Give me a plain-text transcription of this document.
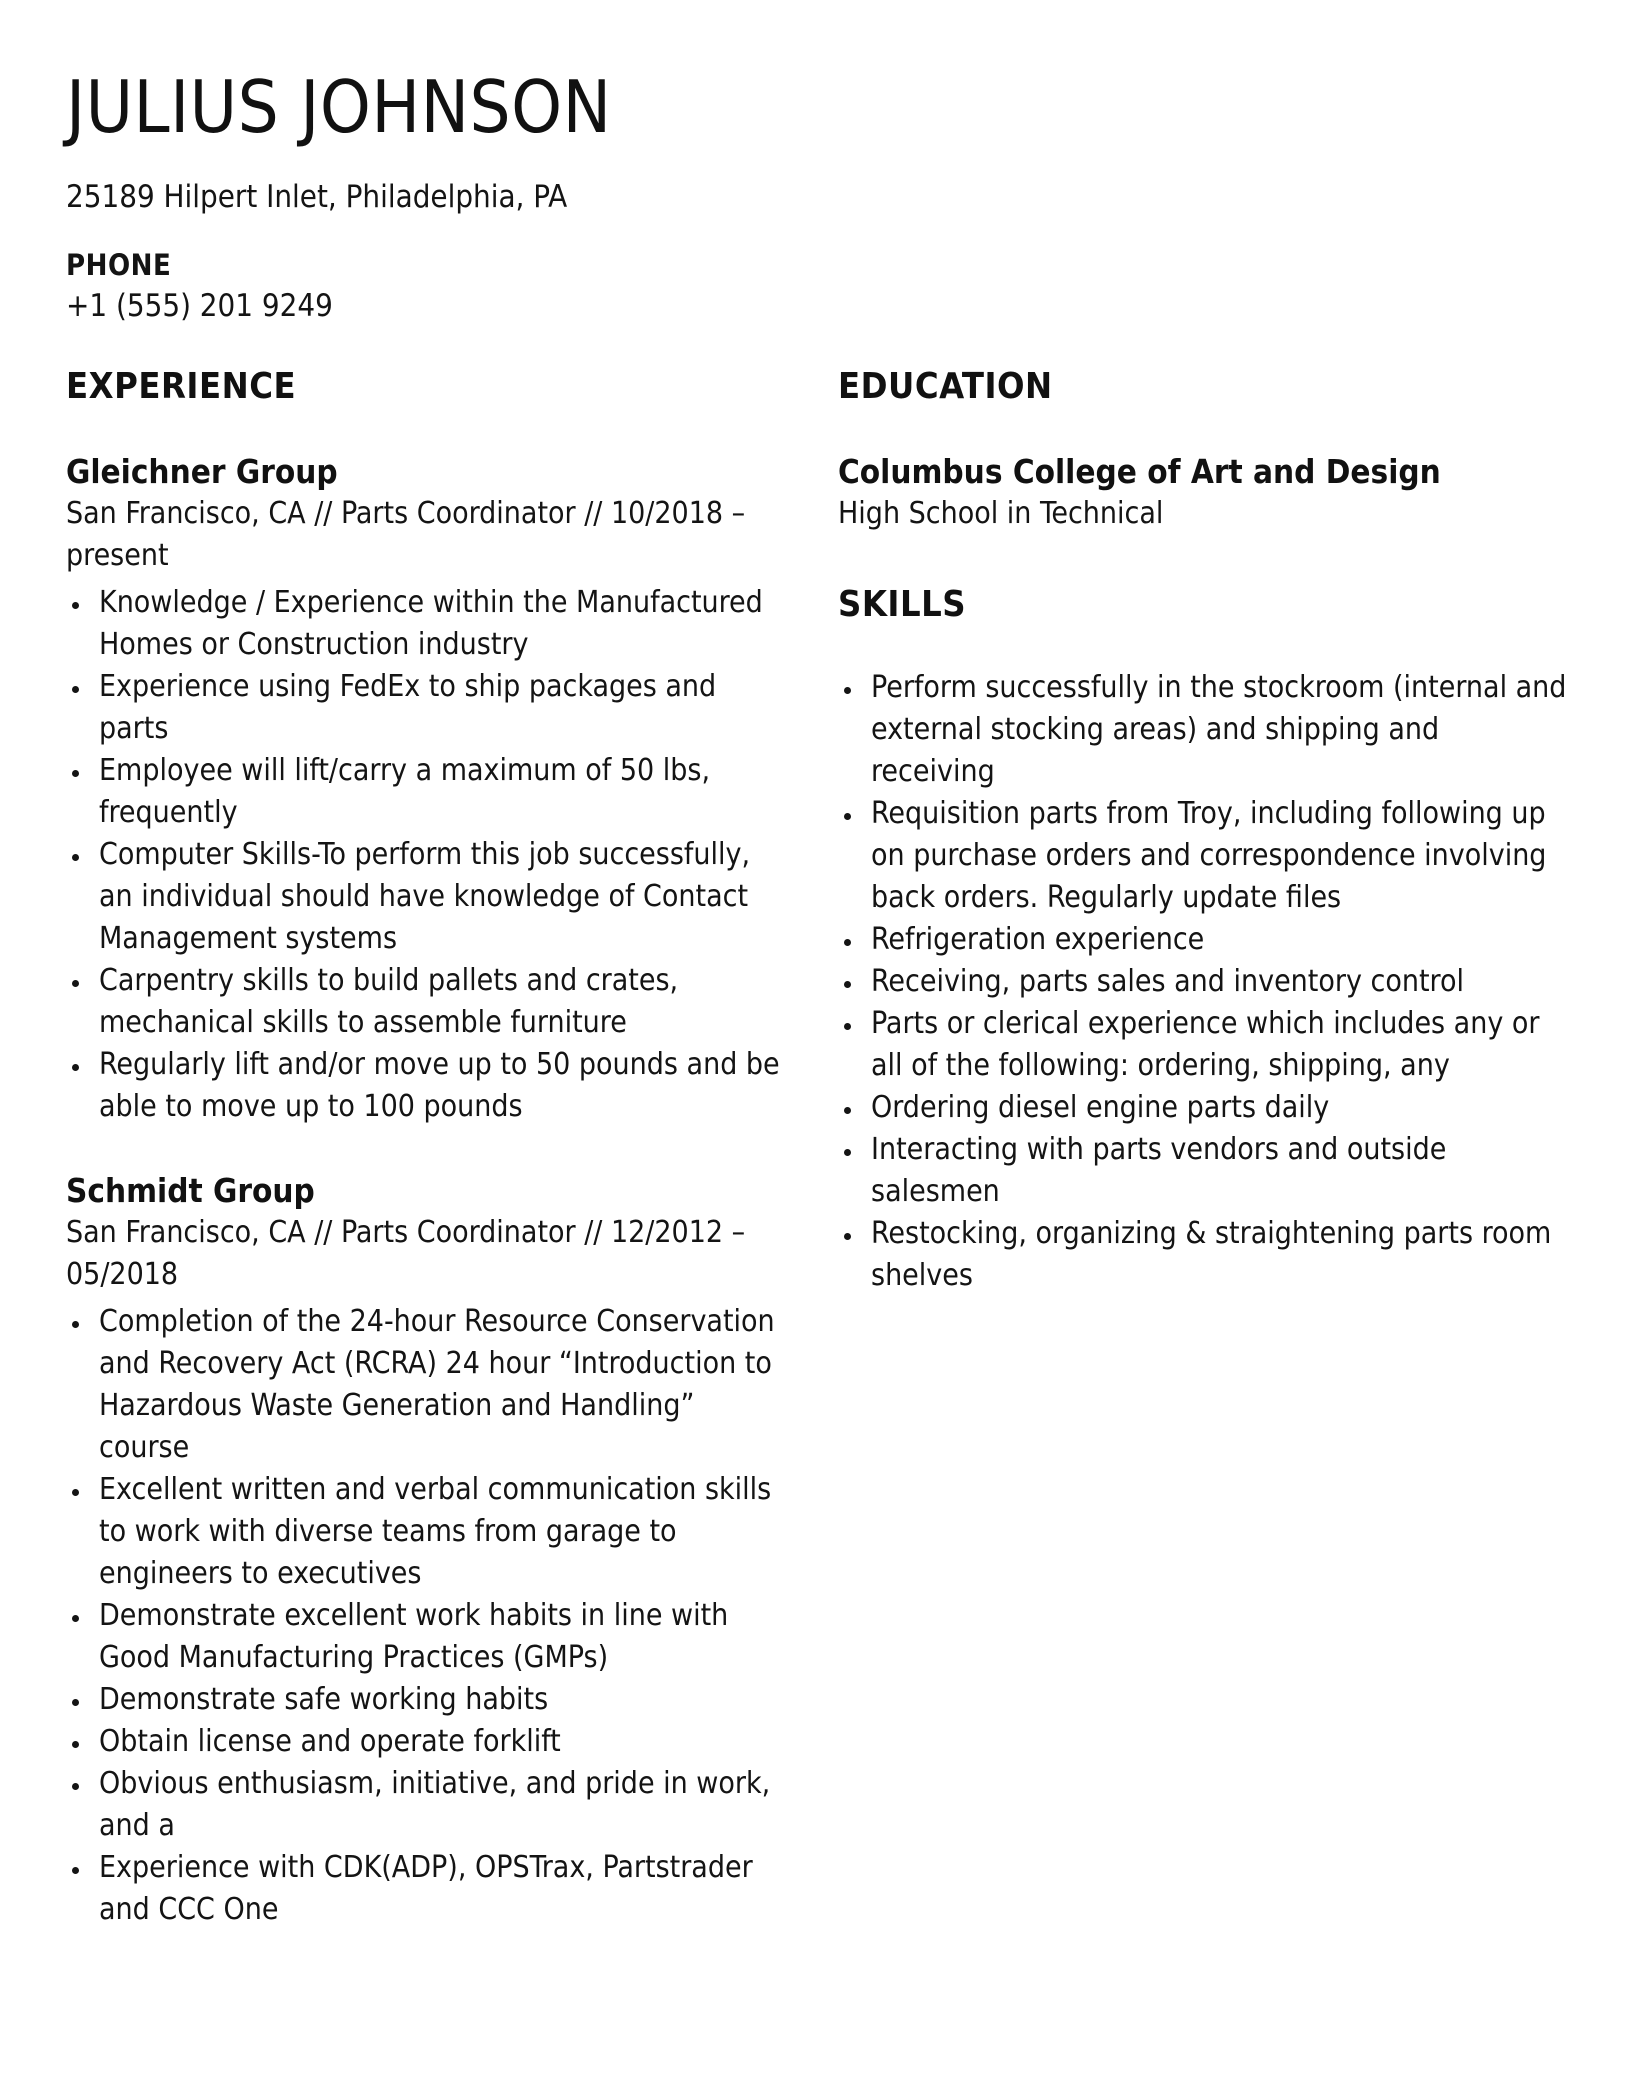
JULIUS JOHNSON
25189 Hilpert Inlet, Philadelphia, PA
PHONE
+1 (555) 201 9249
EXPERIENCE
Gleichner Group
San Francisco, CA // Parts Coordinator // 10/2018 – present
• Knowledge / Experience within the Manufactured Homes or Construction industry
• Experience using FedEx to ship packages and parts
• Employee will lift/carry a maximum of 50 lbs, frequently
• Computer Skills-To perform this job successfully, an individual should have knowledge of Contact Management systems
• Carpentry skills to build pallets and crates, mechanical skills to assemble furniture
• Regularly lift and/or move up to 50 pounds and be able to move up to 100 pounds
Schmidt Group
San Francisco, CA // Parts Coordinator // 12/2012 – 05/2018
• Completion of the 24-hour Resource Conservation and Recovery Act (RCRA) 24 hour “Introduction to Hazardous Waste Generation and Handling” course
• Excellent written and verbal communication skills to work with diverse teams from garage to engineers to executives
• Demonstrate excellent work habits in line with Good Manufacturing Practices (GMPs)
• Demonstrate safe working habits
• Obtain license and operate forklift
• Obvious enthusiasm, initiative, and pride in work, and a
• Experience with CDK(ADP), OPSTrax, Partstrader and CCC One
EDUCATION
Columbus College of Art and Design
High School in Technical
SKILLS
• Perform successfully in the stockroom (internal and external stocking areas) and shipping and receiving
• Requisition parts from Troy, including following up on purchase orders and correspondence involving back orders. Regularly update files
• Refrigeration experience
• Receiving, parts sales and inventory control
• Parts or clerical experience which includes any or all of the following: ordering, shipping, any
• Ordering diesel engine parts daily
• Interacting with parts vendors and outside salesmen
• Restocking, organizing & straightening parts room shelves
